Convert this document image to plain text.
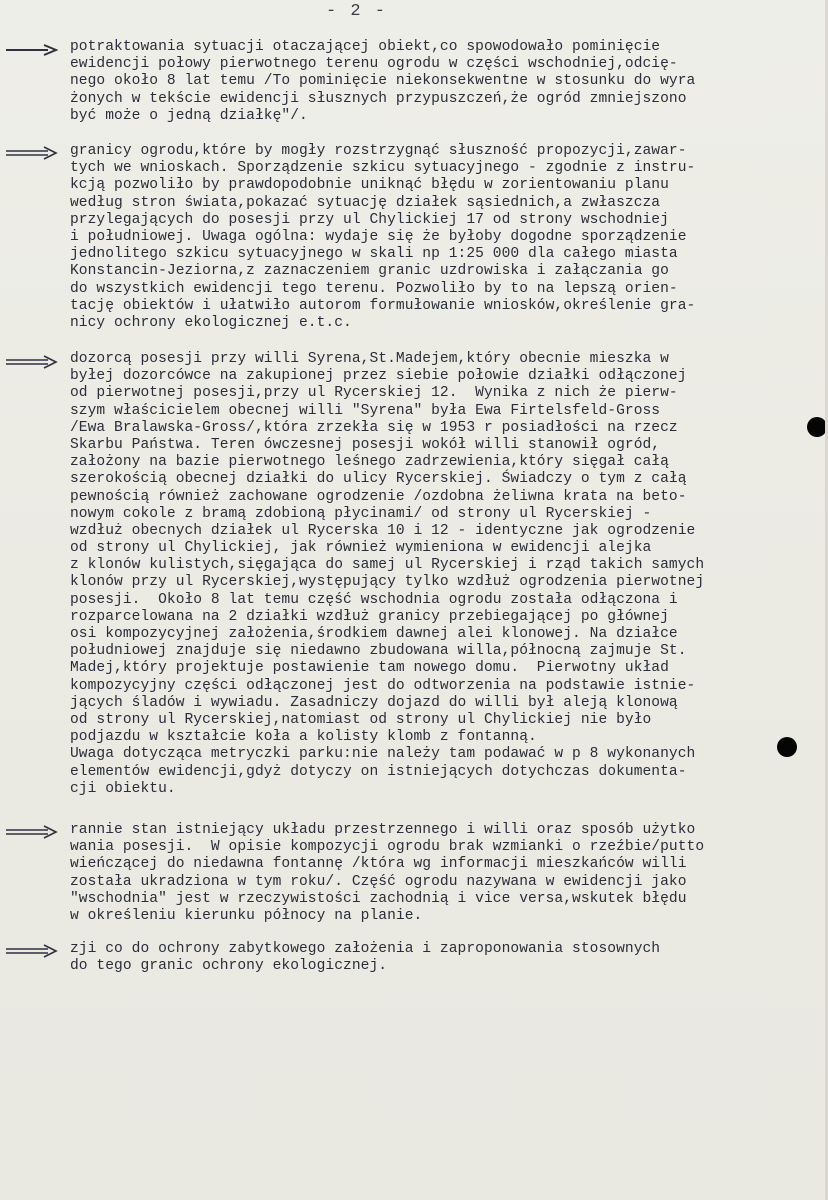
- 2 -
potraktowania sytuacji otaczającej obiekt,co spowodowało pominięcie
ewidencji połowy pierwotnego terenu ogrodu w części wschodniej,odcię-
nego około 8 lat temu /To pominięcie niekonsekwentne w stosunku do wyra
żonych w tekście ewidencji słusznych przypuszczeń,że ogród zmniejszono
być może o jedną działkę"/.
granicy ogrodu,które by mogły rozstrzygnąć słuszność propozycji,zawar-
tych we wnioskach. Sporządzenie szkicu sytuacyjnego - zgodnie z instru-
kcją pozwoliło by prawdopodobnie uniknąć błędu w zorientowaniu planu
według stron świata,pokazać sytuację działek sąsiednich,a zwłaszcza
przylegających do posesji przy ul Chylickiej 17 od strony wschodniej
i południowej. Uwaga ogólna: wydaje się że byłoby dogodne sporządzenie
jednolitego szkicu sytuacyjnego w skali np 1:25 000 dla całego miasta
Konstancin-Jeziorna,z zaznaczeniem granic uzdrowiska i załączania go
do wszystkich ewidencji tego terenu. Pozwoliło by to na lepszą orien-
tację obiektów i ułatwiło autorom formułowanie wniosków,określenie gra-
nicy ochrony ekologicznej e.t.c.
dozorcą posesji przy willi Syrena,St.Madejem,który obecnie mieszka w
byłej dozorcówce na zakupionej przez siebie połowie działki odłączonej
od pierwotnej posesji,przy ul Rycerskiej 12.  Wynika z nich że pierw-
szym właścicielem obecnej willi "Syrena" była Ewa Firtelsfeld-Gross
/Ewa Bralawska-Gross/,która zrzekła się w 1953 r posiadłości na rzecz
Skarbu Państwa. Teren ówczesnej posesji wokół willi stanowił ogród,
założony na bazie pierwotnego leśnego zadrzewienia,który sięgał całą
szerokością obecnej działki do ulicy Rycerskiej. Świadczy o tym z całą
pewnością również zachowane ogrodzenie /ozdobna żeliwna krata na beto-
nowym cokole z bramą zdobioną płycinami/ od strony ul Rycerskiej -
wzdłuż obecnych działek ul Rycerska 10 i 12 - identyczne jak ogrodzenie
od strony ul Chylickiej, jak również wymieniona w ewidencji alejka
z klonów kulistych,sięgająca do samej ul Rycerskiej i rząd takich samych
klonów przy ul Rycerskiej,występujący tylko wzdłuż ogrodzenia pierwotnej
posesji.  Około 8 lat temu część wschodnia ogrodu została odłączona i
rozparcelowana na 2 działki wzdłuż granicy przebiegającej po głównej
osi kompozycyjnej założenia,środkiem dawnej alei klonowej. Na działce
południowej znajduje się niedawno zbudowana willa,północną zajmuje St.
Madej,który projektuje postawienie tam nowego domu.  Pierwotny układ
kompozycyjny części odłączonej jest do odtworzenia na podstawie istnie-
jących śladów i wywiadu. Zasadniczy dojazd do willi był aleją klonową
od strony ul Rycerskiej,natomiast od strony ul Chylickiej nie było
podjazdu w kształcie koła a kolisty klomb z fontanną.
Uwaga dotycząca metryczki parku:nie należy tam podawać w p 8 wykonanych
elementów ewidencji,gdyż dotyczy on istniejących dotychczas dokumenta-
cji obiektu.
rannie stan istniejący układu przestrzennego i willi oraz sposób użytko
wania posesji.  W opisie kompozycji ogrodu brak wzmianki o rzeźbie/putto
wieńczącej do niedawna fontannę /która wg informacji mieszkańców willi
została ukradziona w tym roku/. Część ogrodu nazywana w ewidencji jako
"wschodnia" jest w rzeczywistości zachodnią i vice versa,wskutek błędu
w określeniu kierunku północy na planie.
zji co do ochrony zabytkowego założenia i zaproponowania stosownych
do tego granic ochrony ekologicznej.
